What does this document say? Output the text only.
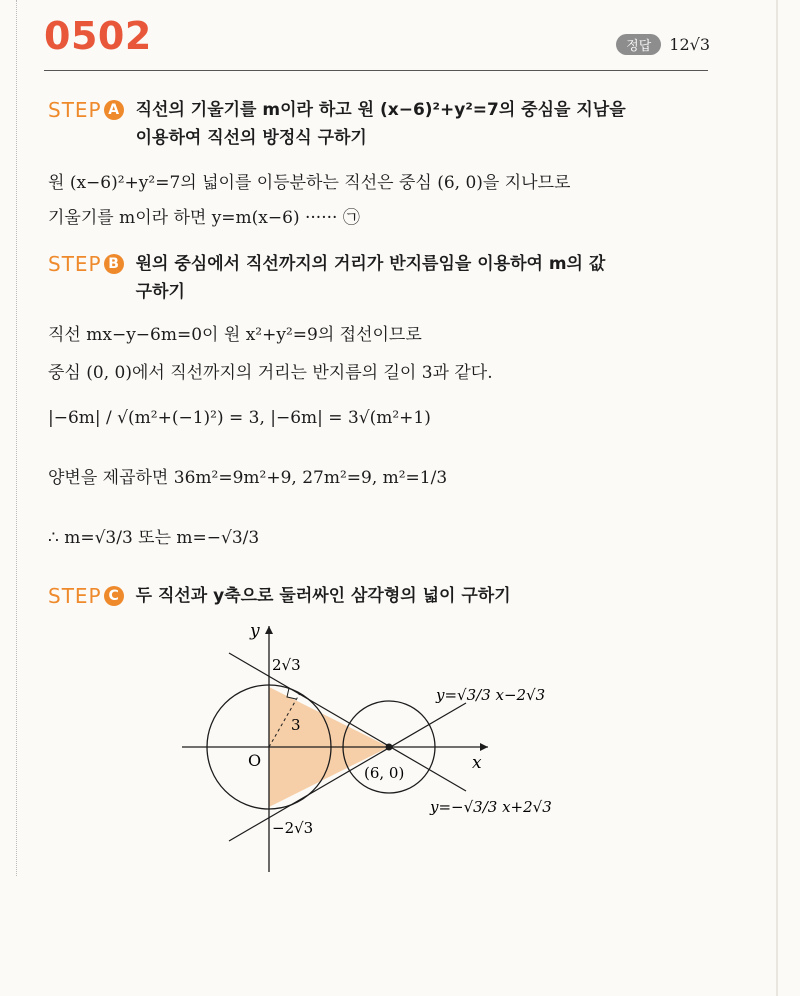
0502	정답	12√3
STEP A 직선의 기울기를 m이라 하고 원 (x−6)²+y²=7의 중심을 지남을
이용하여 직선의 방정식 구하기
원 (x−6)²+y²=7의 넓이를 이등분하는 직선은 중심 (6, 0)을 지나므로
기울기를 m이라 하면 y=m(x−6) ······ ㉠
STEP B 원의 중심에서 직선까지의 거리가 반지름임을 이용하여 m의 값
구하기
직선 mx−y−6m=0이 원 x²+y²=9의 접선이므로
중심 (0, 0)에서 직선까지의 거리는 반지름의 길이 3과 같다.
|−6m| / √(m²+(−1)²) = 3, |−6m| = 3√(m²+1)
양변을 제곱하면 36m²=9m²+9, 27m²=9, m²=1/3
∴ m=√3/3 또는 m=−√3/3
STEP C 두 직선과 y축으로 둘러싸인 삼각형의 넓이 구하기
y
x
O
2√3
−2√3
3
(6, 0)
y=√3/3 x−2√3
y=−√3/3 x+2√3
